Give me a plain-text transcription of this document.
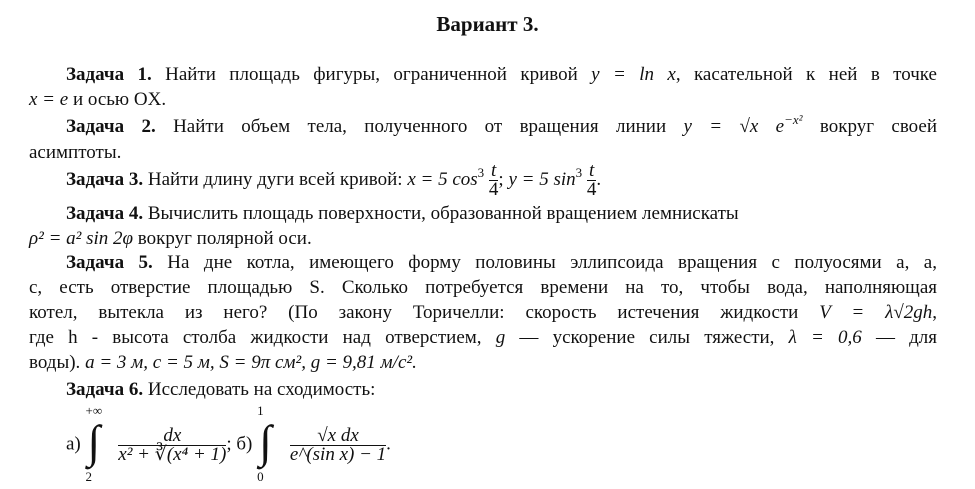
Вариант 3.
Задача 1. Найти площадь фигуры, ограниченной кривой y = ln x, касательной к ней в точке
x = e и осью OX.
Задача 2. Найти объем тела, полученного от вращения линии y = √x $e^{-x^2}$ вокруг своей
асимптоты.
Задача 3. Найти длину дуги всей кривой: x = 5 $\cos^3 \frac{t}{4}$ ; y = 5 $\sin^3 \frac{t}{4}$ .
Задача 4. Вычислить площадь поверхности, образованной вращением лемнискаты
ρ² = a² sin 2φ вокруг полярной оси.
Задача 5. На дне котла, имеющего форму половины эллипсоида вращения с полуосями a, a,
c, есть отверстие площадью S. Сколько потребуется времени на то, чтобы вода, наполняющая
котел, вытекла из него? (По закону Торичелли: скорость истечения жидкости V = λ√2gh,
где h - высота столба жидкости над отверстием, g — ускорение силы тяжести, λ = 0,6 — для
воды). a = 3 м, c = 5 м, S = 9π см², g = 9,81 м/с².
Задача 6. Исследовать на сходимость:
а)
+∞
∫
2

$\frac{dx}{\text{x² + ∛(x⁴ + 1)}}$ ; б)
1
∫
0

$\frac{\text{√x dx}}{\text{e\textasciicircum{}(sin x) − 1}}$ .
